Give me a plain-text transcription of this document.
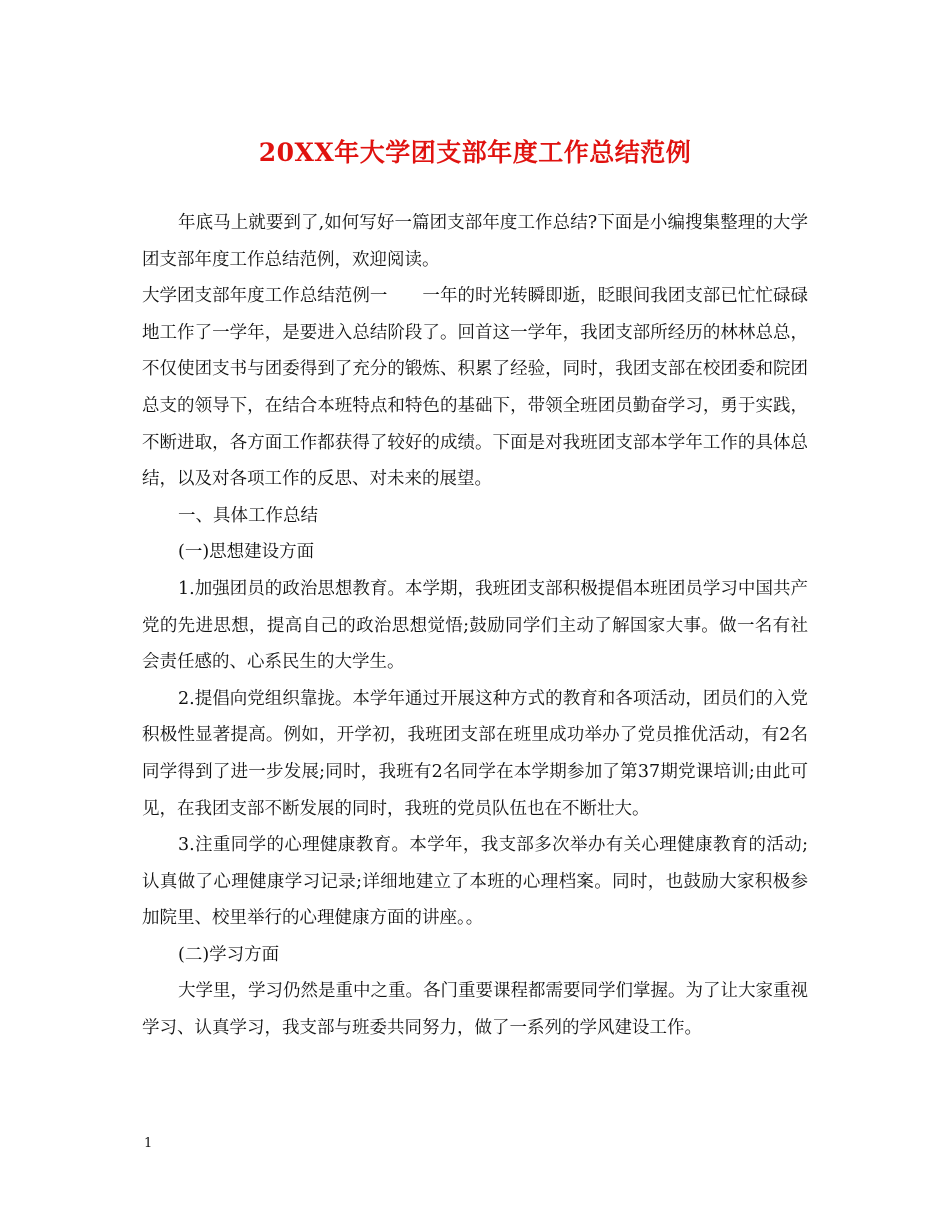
20XX年大学团支部年度工作总结范例

年底马上就要到了,如何写好一篇团支部年度工作总结?下面是小编搜集整理的大学团支部年度工作总结范例，欢迎阅读。

大学团支部年度工作总结范例一　　一年的时光转瞬即逝，眨眼间我团支部已忙忙碌碌地工作了一学年，是要进入总结阶段了。回首这一学年，我团支部所经历的林林总总，不仅使团支书与团委得到了充分的锻炼、积累了经验，同时，我团支部在校团委和院团总支的领导下，在结合本班特点和特色的基础下，带领全班团员勤奋学习，勇于实践，不断进取，各方面工作都获得了较好的成绩。下面是对我班团支部本学年工作的具体总结，以及对各项工作的反思、对未来的展望。

一、具体工作总结

(一)思想建设方面

1.加强团员的政治思想教育。本学期，我班团支部积极提倡本班团员学习中国共产党的先进思想，提高自己的政治思想觉悟;鼓励同学们主动了解国家大事。做一名有社会责任感的、心系民生的大学生。

2.提倡向党组织靠拢。本学年通过开展这种方式的教育和各项活动，团员们的入党积极性显著提高。例如，开学初，我班团支部在班里成功举办了党员推优活动，有2名同学得到了进一步发展;同时，我班有2名同学在本学期参加了第37期党课培训;由此可见，在我团支部不断发展的同时，我班的党员队伍也在不断壮大。

3.注重同学的心理健康教育。本学年，我支部多次举办有关心理健康教育的活动;认真做了心理健康学习记录;详细地建立了本班的心理档案。同时，也鼓励大家积极参加院里、校里举行的心理健康方面的讲座。。

(二)学习方面

大学里，学习仍然是重中之重。各门重要课程都需要同学们掌握。为了让大家重视学习、认真学习，我支部与班委共同努力，做了一系列的学风建设工作。

1
